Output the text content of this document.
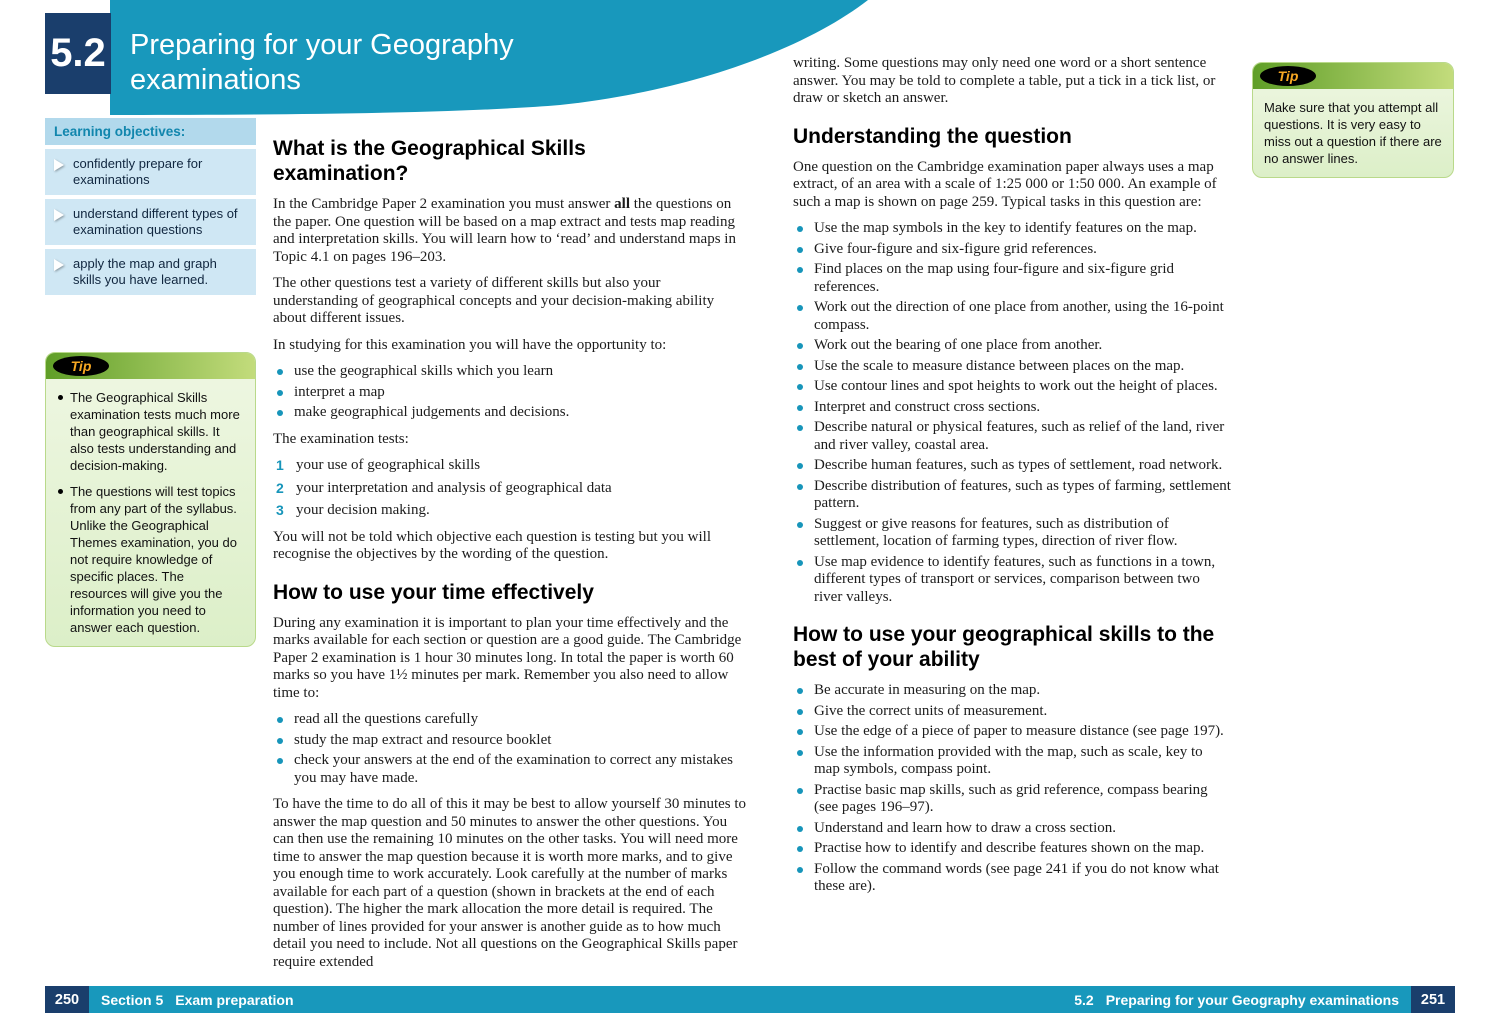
5.2 Preparing for your Geography examinations
Learning objectives:
confidently prepare for examinations
understand different types of examination questions
apply the map and graph skills you have learned.
Tip
The Geographical Skills examination tests much more than geographical skills. It also tests understanding and decision-making.
The questions will test topics from any part of the syllabus. Unlike the Geographical Themes examination, you do not require knowledge of specific places. The resources will give you the information you need to answer each question.
Tip
Make sure that you attempt all questions. It is very easy to miss out a question if there are no answer lines.
What is the Geographical Skills examination?

In the Cambridge Paper 2 examination you must answer all the questions on the paper. One question will be based on a map extract and tests map reading and interpretation skills. You will learn how to ‘read’ and understand maps in Topic 4.1 on pages 196–203.

The other questions test a variety of different skills but also your understanding of geographical concepts and your decision-making ability about different issues.

In studying for this examination you will have the opportunity to:

use the geographical skills which you learn
interpret a map
make geographical judgements and decisions.

The examination tests:

your use of geographical skills
your interpretation and analysis of geographical data
your decision making.

You will not be told which objective each question is testing but you will recognise the objectives by the wording of the question.

How to use your time effectively

During any examination it is important to plan your time effectively and the marks available for each section or question are a good guide. The Cambridge Paper 2 examination is 1 hour 30 minutes long. In total the paper is worth 60 marks so you have 1½ minutes per mark. Remember you also need to allow time to:

read all the questions carefully
study the map extract and resource booklet
check your answers at the end of the examination to correct any mistakes you may have made.

To have the time to do all of this it may be best to allow yourself 30 minutes to answer the map question and 50 minutes to answer the other questions. You can then use the remaining 10 minutes on the other tasks. You will need more time to answer the map question because it is worth more marks, and to give you enough time to work accurately. Look carefully at the number of marks available for each part of a question (shown in brackets at the end of each question). The higher the mark allocation the more detail is required. The number of lines provided for your answer is another guide as to how much detail you need to include. Not all questions on the Geographical Skills paper require extended

writing. Some questions may only need one word or a short sentence answer. You may be told to complete a table, put a tick in a tick list, or draw or sketch an answer.

Understanding the question

One question on the Cambridge examination paper always uses a map extract, of an area with a scale of 1:25 000 or 1:50 000. An example of such a map is shown on page 259. Typical tasks in this question are:

Use the map symbols in the key to identify features on the map.
Give four-figure and six-figure grid references.
Find places on the map using four-figure and six-figure grid references.
Work out the direction of one place from another, using the 16-point compass.
Work out the bearing of one place from another.
Use the scale to measure distance between places on the map.
Use contour lines and spot heights to work out the height of places.
Interpret and construct cross sections.
Describe natural or physical features, such as relief of the land, river and river valley, coastal area.
Describe human features, such as types of settlement, road network.
Describe distribution of features, such as types of farming, settlement pattern.
Suggest or give reasons for features, such as distribution of settlement, location of farming types, direction of river flow.
Use map evidence to identify features, such as functions in a town, different types of transport or services, comparison between two river valleys.
How to use your geographical skills to the best of your ability
Be accurate in measuring on the map.
Give the correct units of measurement.
Use the edge of a piece of paper to measure distance (see page 197).
Use the information provided with the map, such as scale, key to map symbols, compass point.
Practise basic map skills, such as grid reference, compass bearing (see pages 196–97).
Understand and learn how to draw a cross section.
Practise how to identify and describe features shown on the map.
Follow the command words (see page 241 if you do not know what these are).
250	Section 5 Exam preparation	5.2 Preparing for your Geography examinations	251
